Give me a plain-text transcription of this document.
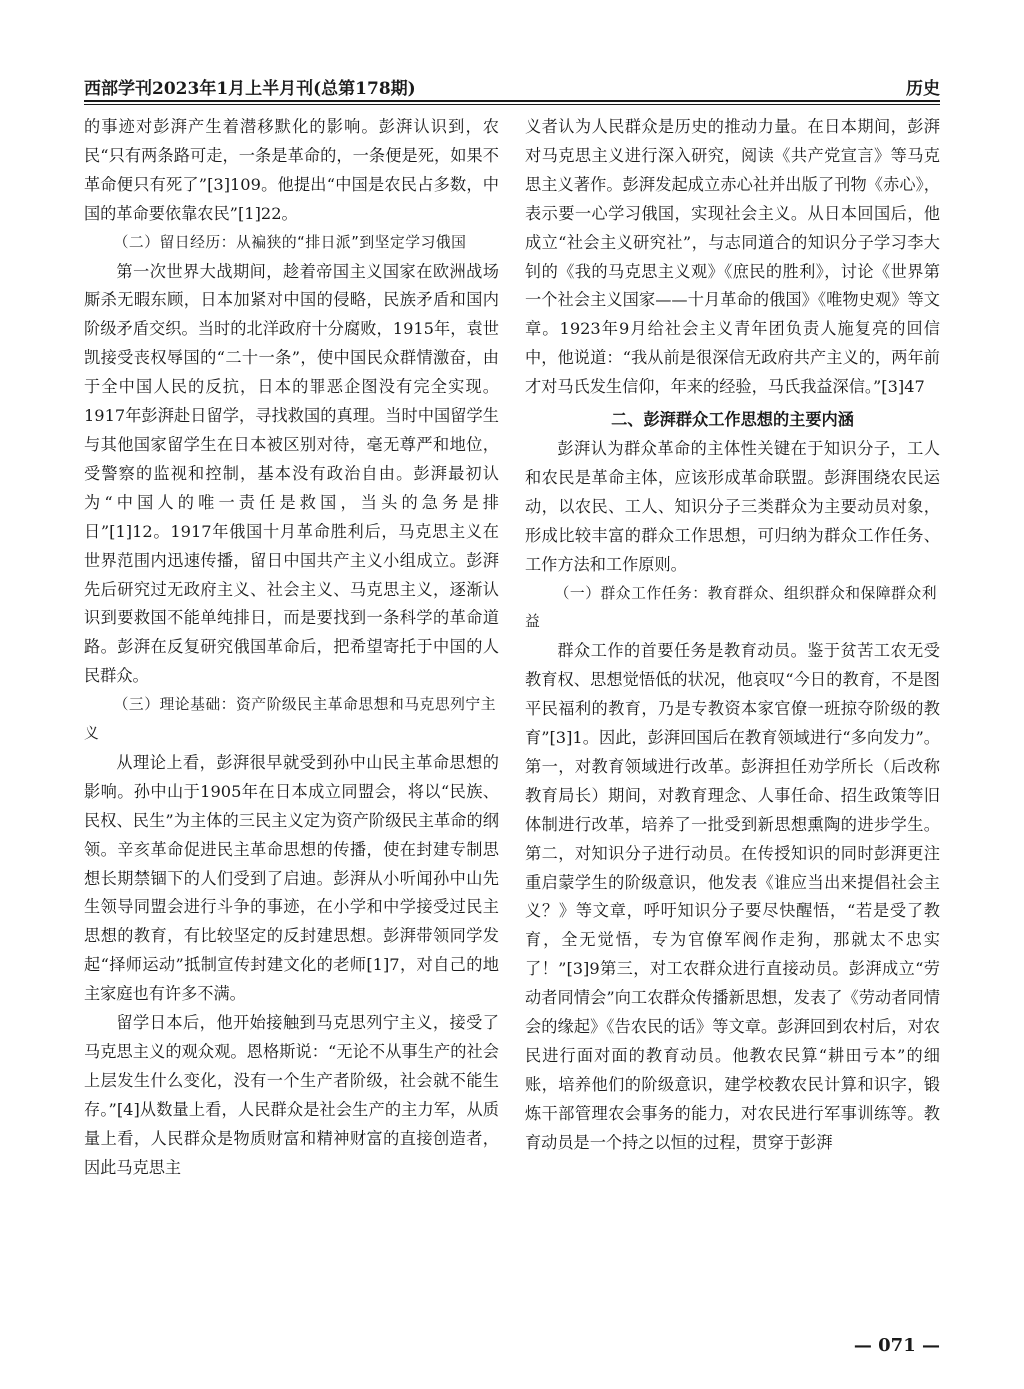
西部学刊2023年1月上半月刊(总第178期)	历史

的事迹对彭湃产生着潜移默化的影响。彭湃认识到，农民“只有两条路可走，一条是革命的，一条便是死，如果不革命便只有死了”[3]109。他提出“中国是农民占多数，中国的革命要依靠农民”[1]22。

（二）留日经历：从褊狭的“排日派”到坚定学习俄国

第一次世界大战期间，趁着帝国主义国家在欧洲战场厮杀无暇东顾，日本加紧对中国的侵略，民族矛盾和国内阶级矛盾交织。当时的北洋政府十分腐败，1915年，袁世凯接受丧权辱国的“二十一条”，使中国民众群情激奋，由于全中国人民的反抗，日本的罪恶企图没有完全实现。1917年彭湃赴日留学，寻找救国的真理。当时中国留学生与其他国家留学生在日本被区别对待，毫无尊严和地位，受警察的监视和控制，基本没有政治自由。彭湃最初认为“中国人的唯一责任是救国，当头的急务是排日”[1]12。1917年俄国十月革命胜利后，马克思主义在世界范围内迅速传播，留日中国共产主义小组成立。彭湃先后研究过无政府主义、社会主义、马克思主义，逐渐认识到要救国不能单纯排日，而是要找到一条科学的革命道路。彭湃在反复研究俄国革命后，把希望寄托于中国的人民群众。

（三）理论基础：资产阶级民主革命思想和马克思列宁主义

从理论上看，彭湃很早就受到孙中山民主革命思想的影响。孙中山于1905年在日本成立同盟会，将以“民族、民权、民生”为主体的三民主义定为资产阶级民主革命的纲领。辛亥革命促进民主革命思想的传播，使在封建专制思想长期禁锢下的人们受到了启迪。彭湃从小听闻孙中山先生领导同盟会进行斗争的事迹，在小学和中学接受过民主思想的教育，有比较坚定的反封建思想。彭湃带领同学发起“择师运动”抵制宣传封建文化的老师[1]7，对自己的地主家庭也有许多不满。

留学日本后，他开始接触到马克思列宁主义，接受了马克思主义的观众观。恩格斯说：“无论不从事生产的社会上层发生什么变化，没有一个生产者阶级，社会就不能生存。”[4]从数量上看，人民群众是社会生产的主力军，从质量上看，人民群众是物质财富和精神财富的直接创造者，因此马克思主

义者认为人民群众是历史的推动力量。在日本期间，彭湃对马克思主义进行深入研究，阅读《共产党宣言》等马克思主义著作。彭湃发起成立赤心社并出版了刊物《赤心》，表示要一心学习俄国，实现社会主义。从日本回国后，他成立“社会主义研究社”，与志同道合的知识分子学习李大钊的《我的马克思主义观》《庶民的胜利》，讨论《世界第一个社会主义国家——十月革命的俄国》《唯物史观》等文章。1923年9月给社会主义青年团负责人施复亮的回信中，他说道：“我从前是很深信无政府共产主义的，两年前才对马氏发生信仰，年来的经验，马氏我益深信。”[3]47

二、彭湃群众工作思想的主要内涵

彭湃认为群众革命的主体性关键在于知识分子，工人和农民是革命主体，应该形成革命联盟。彭湃围绕农民运动，以农民、工人、知识分子三类群众为主要动员对象，形成比较丰富的群众工作思想，可归纳为群众工作任务、工作方法和工作原则。

（一）群众工作任务：教育群众、组织群众和保障群众利益

群众工作的首要任务是教育动员。鉴于贫苦工农无受教育权、思想觉悟低的状况，他哀叹“今日的教育，不是图平民福利的教育，乃是专教资本家官僚一班掠夺阶级的教育”[3]1。因此，彭湃回国后在教育领域进行“多向发力”。第一，对教育领域进行改革。彭湃担任劝学所长（后改称教育局长）期间，对教育理念、人事任命、招生政策等旧体制进行改革，培养了一批受到新思想熏陶的进步学生。第二，对知识分子进行动员。在传授知识的同时彭湃更注重启蒙学生的阶级意识，他发表《谁应当出来提倡社会主义？》等文章，呼吁知识分子要尽快醒悟，“若是受了教育，全无觉悟，专为官僚军阀作走狗，那就太不忠实了！”[3]9第三，对工农群众进行直接动员。彭湃成立“劳动者同情会”向工农群众传播新思想，发表了《劳动者同情会的缘起》《告农民的话》等文章。彭湃回到农村后，对农民进行面对面的教育动员。他教农民算“耕田亏本”的细账，培养他们的阶级意识，建学校教农民计算和识字，锻炼干部管理农会事务的能力，对农民进行军事训练等。教育动员是一个持之以恒的过程，贯穿于彭湃

— 071 —
